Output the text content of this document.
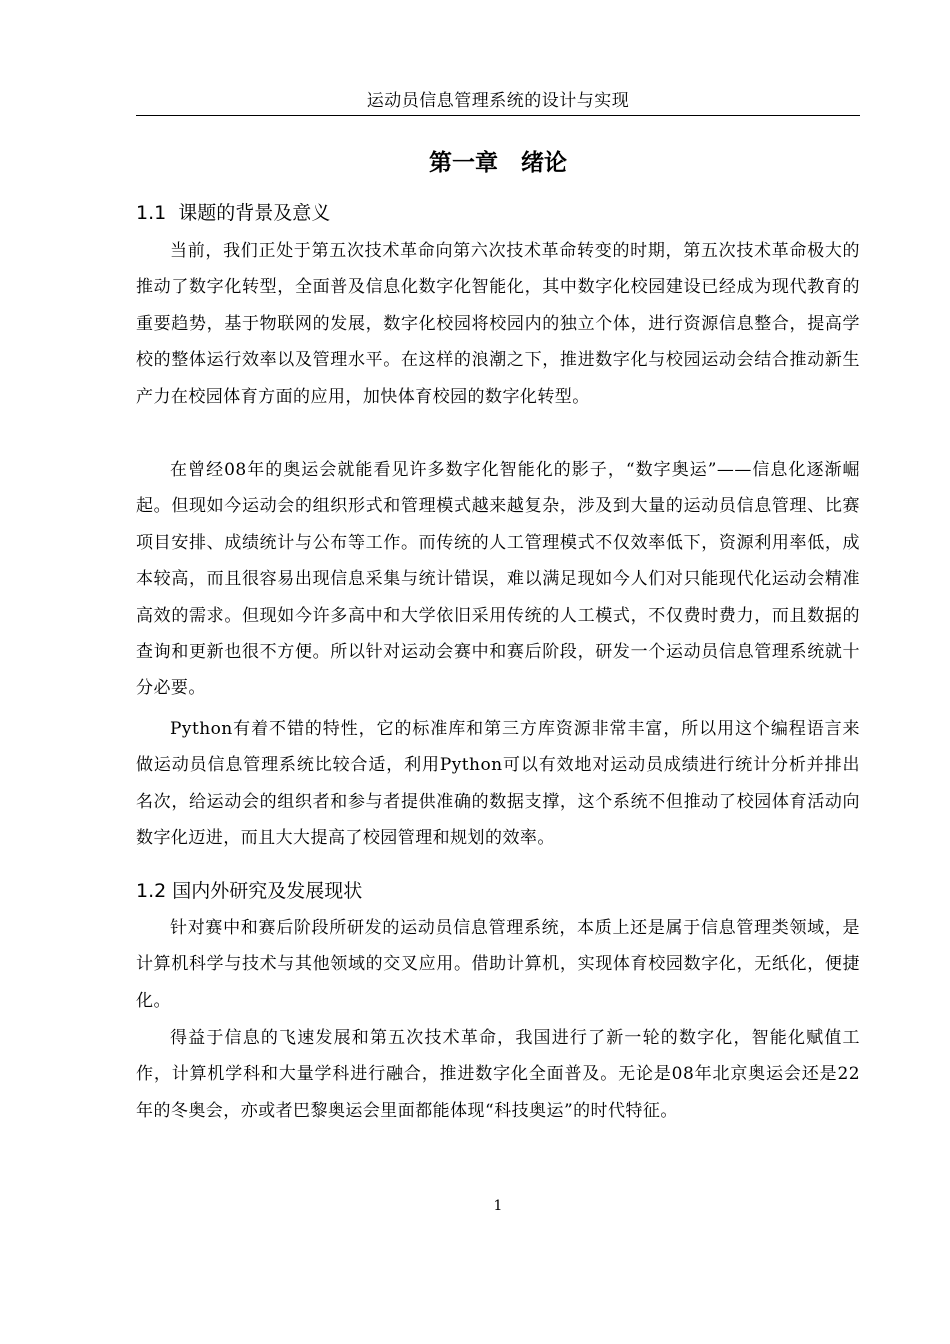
运动员信息管理系统的设计与实现
第一章　绪论
1.1  课题的背景及意义

当前，我们正处于第五次技术革命向第六次技术革命转变的时期，第五次技术革命极大的推动了数字化转型，全面普及信息化数字化智能化，其中数字化校园建设已经成为现代教育的重要趋势，基于物联网的发展，数字化校园将校园内的独立个体，进行资源信息整合，提高学校的整体运行效率以及管理水平。在这样的浪潮之下，推进数字化与校园运动会结合推动新生产力在校园体育方面的应用，加快体育校园的数字化转型。

在曾经08年的奥运会就能看见许多数字化智能化的影子，“数字奥运”——信息化逐渐崛起。但现如今运动会的组织形式和管理模式越来越复杂，涉及到大量的运动员信息管理、比赛项目安排、成绩统计与公布等工作。而传统的人工管理模式不仅效率低下，资源利用率低，成本较高，而且很容易出现信息采集与统计错误，难以满足现如今人们对只能现代化运动会精准高效的需求。但现如今许多高中和大学依旧采用传统的人工模式，不仅费时费力，而且数据的查询和更新也很不方便。所以针对运动会赛中和赛后阶段，研发一个运动员信息管理系统就十分必要。

Python有着不错的特性，它的标准库和第三方库资源非常丰富，所以用这个编程语言来做运动员信息管理系统比较合适，利用Python可以有效地对运动员成绩进行统计分析并排出名次，给运动会的组织者和参与者提供准确的数据支撑，这个系统不但推动了校园体育活动向数字化迈进，而且大大提高了校园管理和规划的效率。

1.2 国内外研究及发展现状

针对赛中和赛后阶段所研发的运动员信息管理系统，本质上还是属于信息管理类领域，是计算机科学与技术与其他领域的交叉应用。借助计算机，实现体育校园数字化，无纸化，便捷化。

得益于信息的飞速发展和第五次技术革命，我国进行了新一轮的数字化，智能化赋值工作，计算机学科和大量学科进行融合，推进数字化全面普及。无论是08年北京奥运会还是22年的冬奥会，亦或者巴黎奥运会里面都能体现“科技奥运”的时代特征。

1
